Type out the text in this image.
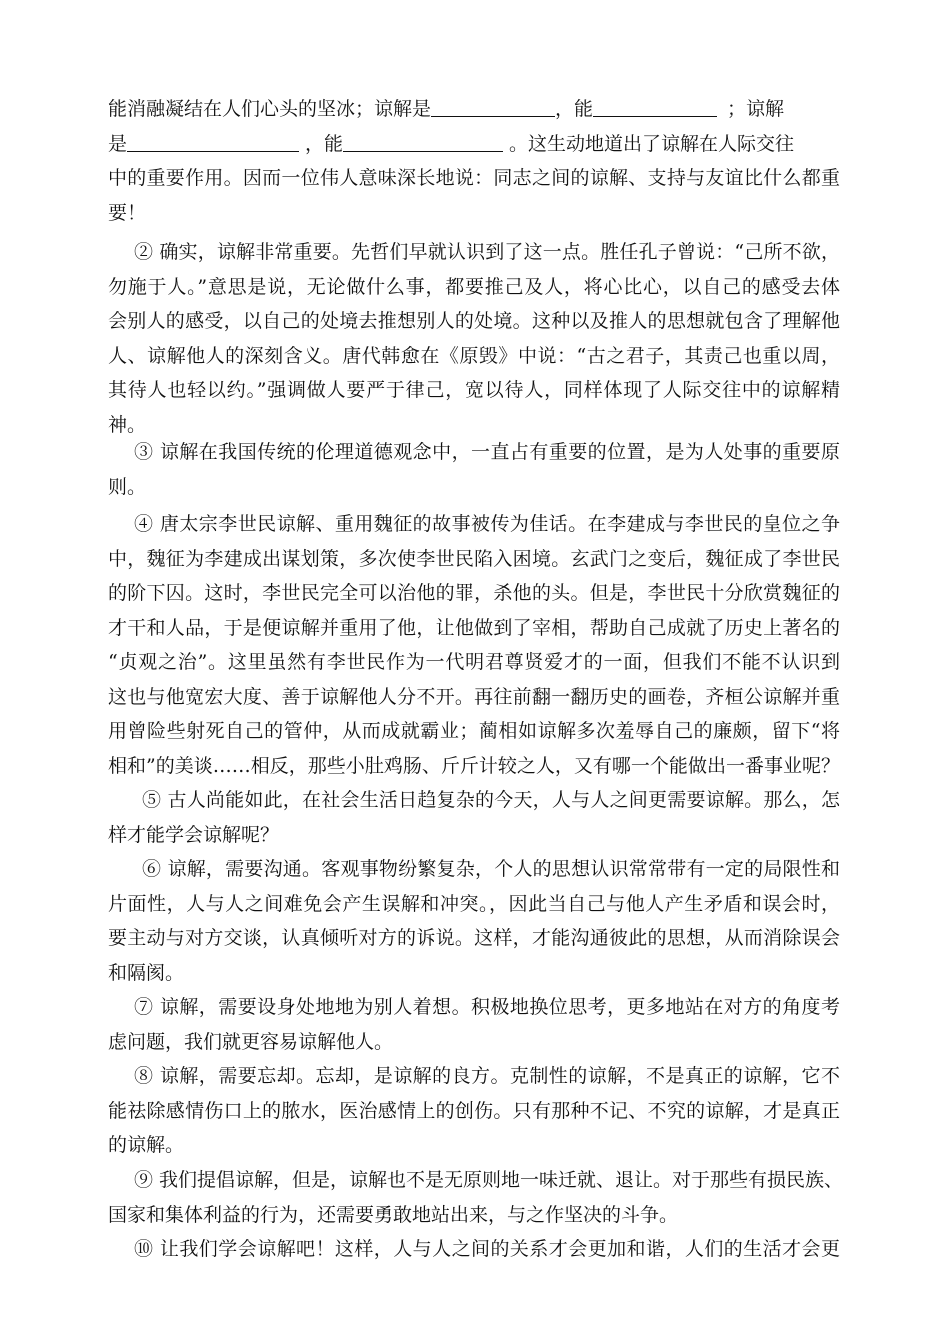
能消融凝结在人们心头的坚冰；谅解是	，能	；谅解
是	，能	。这生动地道出了谅解在人际交往
中的重要作用。因而一位伟人意味深长地说：同志之间的谅解、支持与友谊比什么都重
要！
② 确实，谅解非常重要。先哲们早就认识到了这一点。胜任孔子曾说：“己所不欲，
勿施于人。”意思是说，无论做什么事，都要推己及人，将心比心，以自己的感受去体
会别人的感受，以自己的处境去推想别人的处境。这种以及推人的思想就包含了理解他
人、谅解他人的深刻含义。唐代韩愈在《原毁》中说：“古之君子，其责己也重以周，
其待人也轻以约。”强调做人要严于律己，宽以待人，同样体现了人际交往中的谅解精
神。
③ 谅解在我国传统的伦理道德观念中，一直占有重要的位置，是为人处事的重要原
则。
④ 唐太宗李世民谅解、重用魏征的故事被传为佳话。在李建成与李世民的皇位之争
中，魏征为李建成出谋划策，多次使李世民陷入困境。玄武门之变后，魏征成了李世民
的阶下囚。这时，李世民完全可以治他的罪，杀他的头。但是，李世民十分欣赏魏征的
才干和人品，于是便谅解并重用了他，让他做到了宰相，帮助自己成就了历史上著名的
“贞观之治”。这里虽然有李世民作为一代明君尊贤爱才的一面，但我们不能不认识到
这也与他宽宏大度、善于谅解他人分不开。再往前翻一翻历史的画卷，齐桓公谅解并重
用曾险些射死自己的管仲，从而成就霸业；蔺相如谅解多次羞辱自己的廉颇，留下“将
相和”的美谈……相反，那些小肚鸡肠、斤斤计较之人，又有哪一个能做出一番事业呢？
⑤ 古人尚能如此，在社会生活日趋复杂的今天，人与人之间更需要谅解。那么，怎
样才能学会谅解呢？
⑥ 谅解，需要沟通。客观事物纷繁复杂，个人的思想认识常常带有一定的局限性和
片面性，人与人之间难免会产生误解和冲突。，因此当自己与他人产生矛盾和误会时，
要主动与对方交谈，认真倾听对方的诉说。这样，才能沟通彼此的思想，从而消除误会
和隔阂。
⑦ 谅解，需要设身处地地为别人着想。积极地换位思考，更多地站在对方的角度考
虑问题，我们就更容易谅解他人。
⑧ 谅解，需要忘却。忘却，是谅解的良方。克制性的谅解，不是真正的谅解，它不
能祛除感情伤口上的脓水，医治感情上的创伤。只有那种不记、不究的谅解，才是真正
的谅解。
⑨ 我们提倡谅解，但是，谅解也不是无原则地一味迁就、退让。对于那些有损民族、
国家和集体利益的行为，还需要勇敢地站出来，与之作坚决的斗争。
⑩ 让我们学会谅解吧！这样，人与人之间的关系才会更加和谐，人们的生活才会更
